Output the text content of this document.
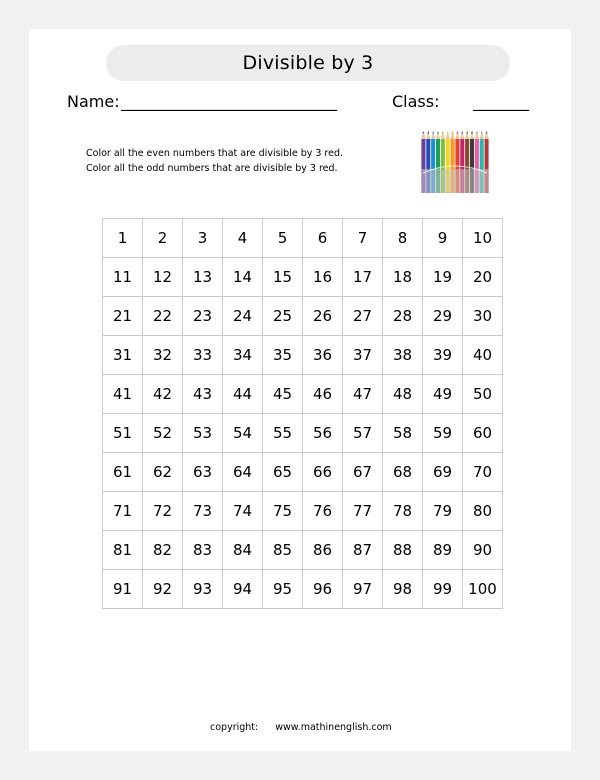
Divisible by 3
Name: ___________________________	Class: _______
Color all the even numbers that are divisible by 3 red.
Color all the odd numbers that are divisible by 3 red.
1	2	3	4	5	6	7	8	9	10
11	12	13	14	15	16	17	18	19	20
21	22	23	24	25	26	27	28	29	30
31	32	33	34	35	36	37	38	39	40
41	42	43	44	45	46	47	48	49	50
51	52	53	54	55	56	57	58	59	60
61	62	63	64	65	66	67	68	69	70
71	72	73	74	75	76	77	78	79	80
81	82	83	84	85	86	87	88	89	90
91	92	93	94	95	96	97	98	99	100
copyright: www.mathinenglish.com
